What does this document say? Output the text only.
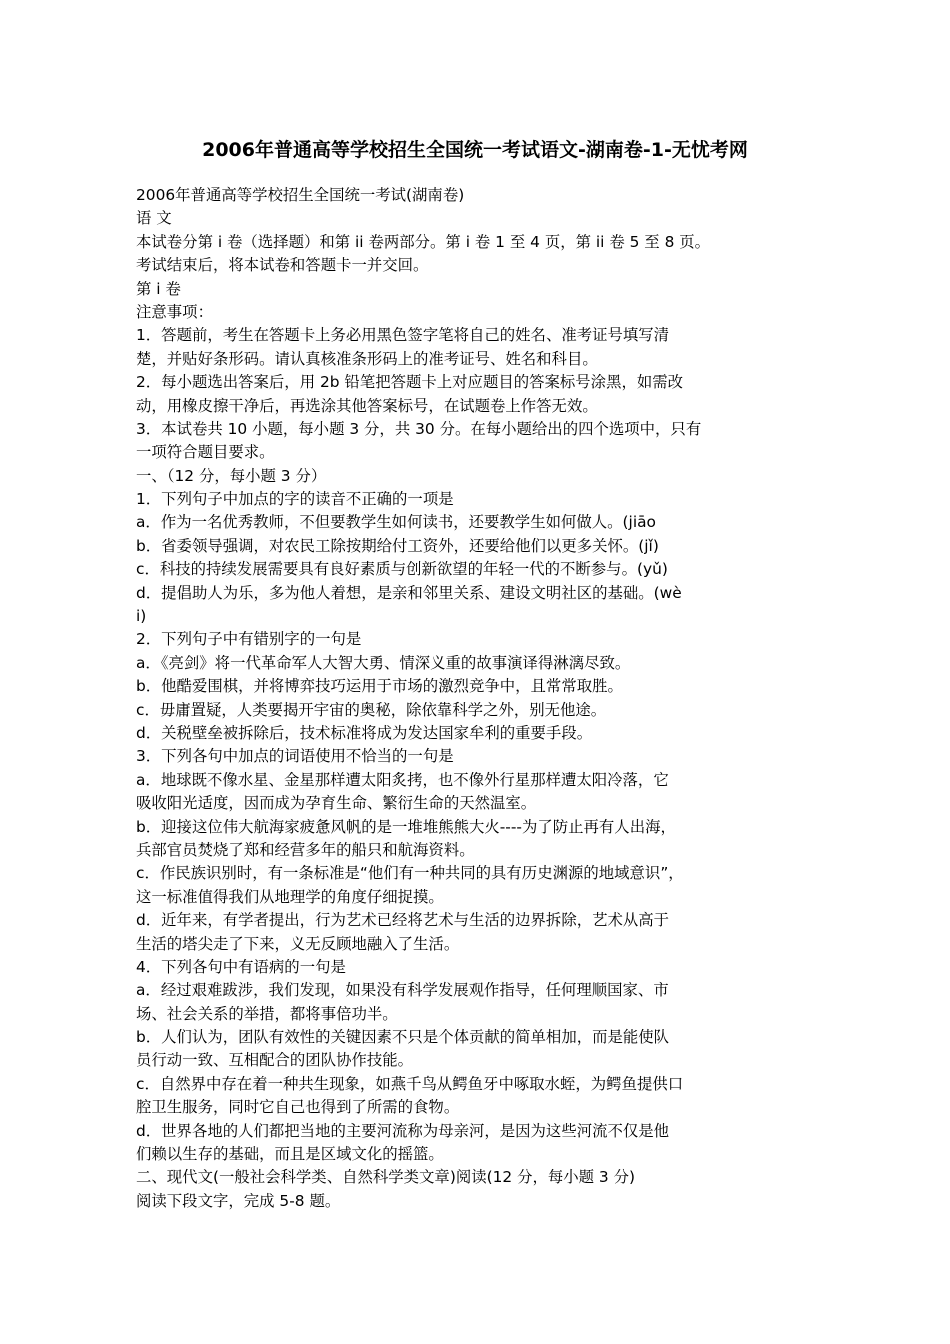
2006年普通高等学校招生全国统一考试语文-湖南卷-1-无忧考网
2006年普通高等学校招生全国统一考试(湖南卷)
语 文
本试卷分第 i 卷（选择题）和第 ii 卷两部分。第 i 卷 1 至 4 页，第 ii 卷 5 至 8 页。
考试结束后，将本试卷和答题卡一并交回。
第 i 卷
注意事项：
1．答题前，考生在答题卡上务必用黑色签字笔将自己的姓名、准考证号填写清
楚，并贴好条形码。请认真核准条形码上的准考证号、姓名和科目。
2．每小题选出答案后，用 2b 铅笔把答题卡上对应题目的答案标号涂黑，如需改
动，用橡皮擦干净后，再选涂其他答案标号，在试题卷上作答无效。
3．本试卷共 10 小题，每小题 3 分，共 30 分。在每小题给出的四个选项中，只有
一项符合题目要求。
一、（12 分，每小题 3 分）
1．下列句子中加点的字的读音不正确的一项是
a．作为一名优秀教师，不但要教学生如何读书，还要教学生如何做人。(jiāo
b．省委领导强调，对农民工除按期给付工资外，还要给他们以更多关怀。(jǐ)
c．科技的持续发展需要具有良好素质与创新欲望的年轻一代的不断参与。(yǔ)
d．提倡助人为乐，多为他人着想，是亲和邻里关系、建设文明社区的基础。(wè
i)
2．下列句子中有错别字的一句是
a．《亮剑》将一代革命军人大智大勇、情深义重的故事演译得淋漓尽致。
b．他酷爱围棋，并将博弈技巧运用于市场的激烈竞争中，且常常取胜。
c．毋庸置疑，人类要揭开宇宙的奥秘，除依靠科学之外，别无他途。
d．关税壁垒被拆除后，技术标准将成为发达国家牟利的重要手段。
3．下列各句中加点的词语使用不恰当的一句是
a．地球既不像水星、金星那样遭太阳炙拷，也不像外行星那样遭太阳冷落，它
吸收阳光适度，因而成为孕育生命、繁衍生命的天然温室。
b．迎接这位伟大航海家疲惫风帆的是一堆堆熊熊大火----为了防止再有人出海，
兵部官员焚烧了郑和经营多年的船只和航海资料。
c．作民族识别时，有一条标准是“他们有一种共同的具有历史渊源的地域意识”，
这一标准值得我们从地理学的角度仔细捉摸。
d．近年来，有学者提出，行为艺术已经将艺术与生活的边界拆除，艺术从高于
生活的塔尖走了下来，义无反顾地融入了生活。
4．下列各句中有语病的一句是
a．经过艰难跋涉，我们发现，如果没有科学发展观作指导，任何理顺国家、市
场、社会关系的举措，都将事倍功半。
b．人们认为，团队有效性的关键因素不只是个体贡献的简单相加，而是能使队
员行动一致、互相配合的团队协作技能。
c．自然界中存在着一种共生现象，如燕千鸟从鳄鱼牙中啄取水蛭，为鳄鱼提供口
腔卫生服务，同时它自己也得到了所需的食物。
d．世界各地的人们都把当地的主要河流称为母亲河，是因为这些河流不仅是他
们赖以生存的基础，而且是区域文化的摇篮。
二、现代文(一般社会科学类、自然科学类文章)阅读(12 分，每小题 3 分)
阅读下段文字，完成 5-8 题。
